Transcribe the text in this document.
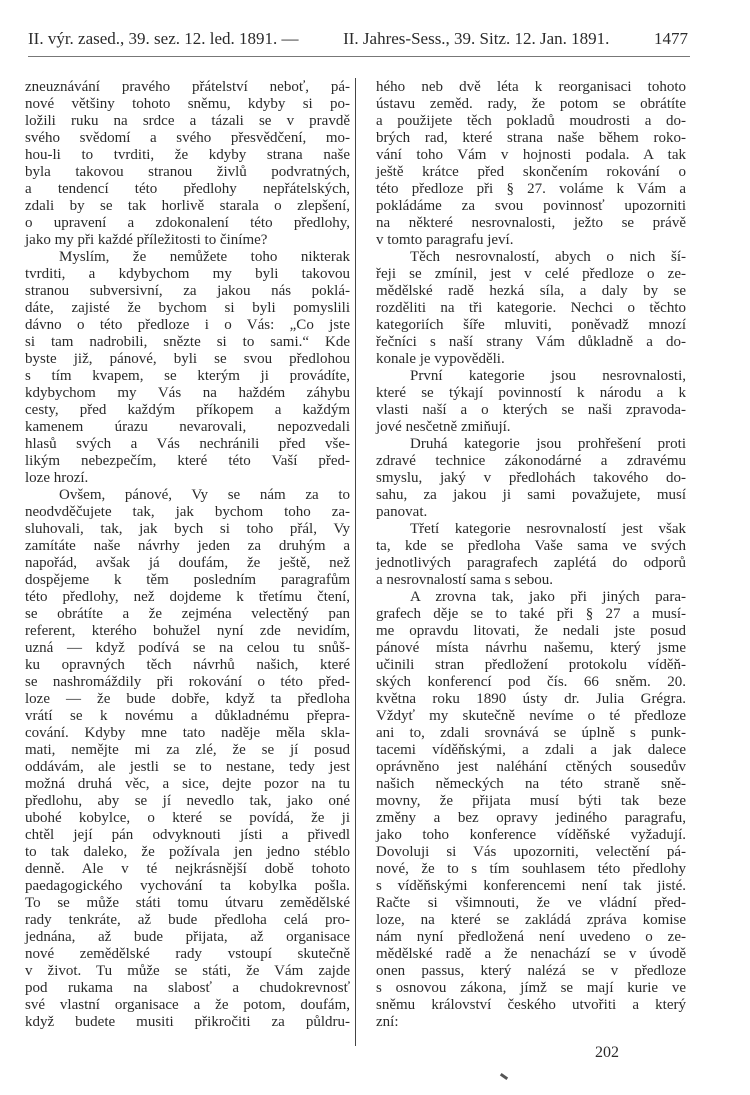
II. výr. zased., 39. sez. 12. led. 1891. —	II. Jahres-Sess., 39. Sitz. 12. Jan. 1891.	1477
zneuznávání pravého přátelství neboť, pá-
nové většiny tohoto sněmu, kdyby si po-
ložili ruku na srdce a tázali se v pravdě
svého svědomí a svého přesvědčení, mo-
hou-li to tvrditi, že kdyby strana naše
byla takovou stranou živlů podvratných,
a tendencí této předlohy nepřátelských,
zdali by se tak horlivě starala o zlepšení,
o upravení a zdokonalení této předlohy,
jako my při každé příležitosti to činíme?
Myslím, že nemůžete toho nikterak
tvrditi, a kdybychom my byli takovou
stranou subversivní, za jakou nás poklá-
dáte, zajisté že bychom si byli pomyslili
dávno o této předloze i o Vás: „Co jste
si tam nadrobili, snězte si to sami.“ Kde
byste již, pánové, byli se svou předlohou
s tím kvapem, se kterým ji provádíte,
kdybychom my Vás na haždém záhybu
cesty, před každým příkopem a každým
kamenem úrazu nevarovali, nepozvedali
hlasů svých a Vás nechránili před vše-
likým nebezpečím, které této Vaší před-
loze hrozí.
Ovšem, pánové, Vy se nám za to
neodvděčujete tak, jak bychom toho za-
sluhovali, tak, jak bych si toho přál, Vy
zamítáte naše návrhy jeden za druhým a
napořád, avšak já doufám, že ještě, než
dospějeme k těm posledním paragrafům
této předlohy, než dojdeme k třetímu čtení,
se obrátíte a že zejména velectěný pan
referent, kterého bohužel nyní zde nevidím,
uzná — když podívá se na celou tu snůš-
ku opravných těch návrhů našich, které
se nashromáždily při rokování o této před-
loze — že bude dobře, když ta předloha
vrátí se k novému a důkladnému přepra-
cování. Kdyby mne tato naděje měla skla-
mati, nemějte mi za zlé, že se jí posud
oddávám, ale jestli se to nestane, tedy jest
možná druhá věc, a sice, dejte pozor na tu
předlohu, aby se jí nevedlo tak, jako oné
ubohé kobylce, o které se povídá, že ji
chtěl její pán odvyknouti jísti a přivedl
to tak daleko, že požívala jen jedno stéblo
denně. Ale v té nejkrásnější době tohoto
paedagogického vychování ta kobylka pošla.
To se může státi tomu útvaru zemědělské
rady tenkráte, až bude předloha celá pro-
jednána, až bude přijata, až organisace
nové zemědělské rady vstoupí skutečně
v život. Tu může se státi, že Vám zajde
pod rukama na slabosť a chudokrevnosť
své vlastní organisace a že potom, doufám,
když budete musiti přikročiti za půldru-
hého neb dvě léta k reorganisaci tohoto
ústavu zeměd. rady, že potom se obrátíte
a použijete těch pokladů moudrosti a do-
brých rad, které strana naše během roko-
vání toho Vám v hojnosti podala. A tak
ještě krátce před skončením rokování o
této předloze při § 27. voláme k Vám a
pokládáme za svou povinnosť upozorniti
na některé nesrovnalosti, ježto se právě
v tomto paragrafu jeví.
Těch nesrovnalostí, abych o nich ší-
řeji se zmínil, jest v celé předloze o ze-
mědělské radě hezká síla, a daly by se
rozděliti na tři kategorie. Nechci o těchto
kategoriích šíře mluviti, poněvadž mnozí
řečníci s naší strany Vám důkladně a do-
konale je vypověděli.
První kategorie jsou nesrovnalosti,
které se týkají povinností k národu a k
vlasti naší a o kterých se naši zpravoda-
jové nesčetně zmiňují.
Druhá kategorie jsou prohřešení proti
zdravé technice zákonodárné a zdravému
smyslu, jaký v předlohách takového do-
sahu, za jakou ji sami považujete, musí
panovat.
Třetí kategorie nesrovnalostí jest však
ta, kde se předloha Vaše sama ve svých
jednotlivých paragrafech zaplétá do odporů
a nesrovnalostí sama s sebou.
A zrovna tak, jako při jiných para-
grafech děje se to také při § 27 a musí-
me opravdu litovati, že nedali jste posud
pánové místa návrhu našemu, který jsme
učinili stran předložení protokolu víděň-
ských konferencí pod čís. 66 sněm. 20.
května roku 1890 ústy dr. Julia Grégra.
Vždyť my skutečně nevíme o té předloze
ani to, zdali srovnává se úplně s punk-
tacemi víděňskými, a zdali a jak dalece
oprávněno jest naléhání ctěných sousedův
našich německých na této straně sně-
movny, že přijata musí býti tak beze
změny a bez opravy jediného paragrafu,
jako toho konference víděňské vyžadují.
Dovoluji si Vás upozorniti, velectění pá-
nové, že to s tím souhlasem této předlohy
s víděňskými konferencemi není tak jisté.
Račte si všimnouti, že ve vládní před-
loze, na které se zakládá zpráva komise
nám nyní předložená není uvedeno o ze-
mědělské radě a že nenachází se v úvodě
onen passus, který nalézá se v předloze
s osnovou zákona, jímž se mají kurie ve
sněmu království českého utvořiti a který
zní:
202
